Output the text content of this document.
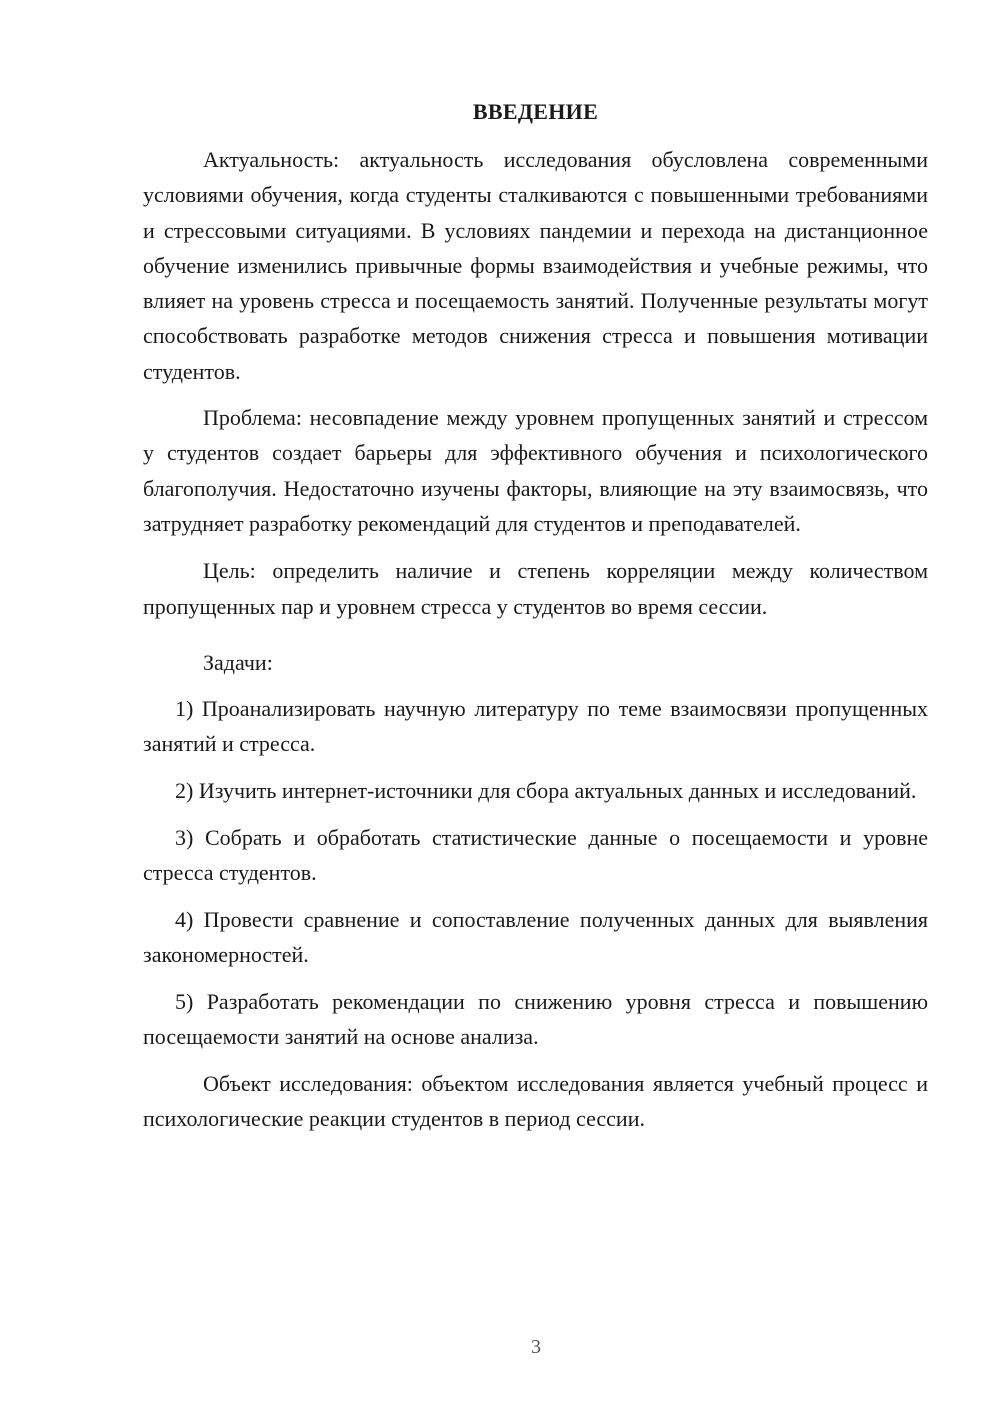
ВВЕДЕНИЕ

Актуальность: актуальность исследования обусловлена современными условиями обучения, когда студенты сталкиваются с повышенными требованиями и стрессовыми ситуациями. В условиях пандемии и перехода на дистанционное обучение изменились привычные формы взаимодействия и учебные режимы, что влияет на уровень стресса и посещаемость занятий. Полученные результаты могут способствовать разработке методов снижения стресса и повышения мотивации студентов.

Проблема: несовпадение между уровнем пропущенных занятий и стрессом у студентов создает барьеры для эффективного обучения и психологического благополучия. Недостаточно изучены факторы, влияющие на эту взаимосвязь, что затрудняет разработку рекомендаций для студентов и преподавателей.

Цель: определить наличие и степень корреляции между количеством пропущенных пар и уровнем стресса у студентов во время сессии.

Задачи:

1) Проанализировать научную литературу по теме взаимосвязи пропущенных занятий и стресса.

2) Изучить интернет-источники для сбора актуальных данных и исследований.

3) Собрать и обработать статистические данные о посещаемости и уровне стресса студентов.

4) Провести сравнение и сопоставление полученных данных для выявления закономерностей.

5) Разработать рекомендации по снижению уровня стресса и повышению посещаемости занятий на основе анализа.

Объект исследования: объектом исследования является учебный процесс и психологические реакции студентов в период сессии.

3
